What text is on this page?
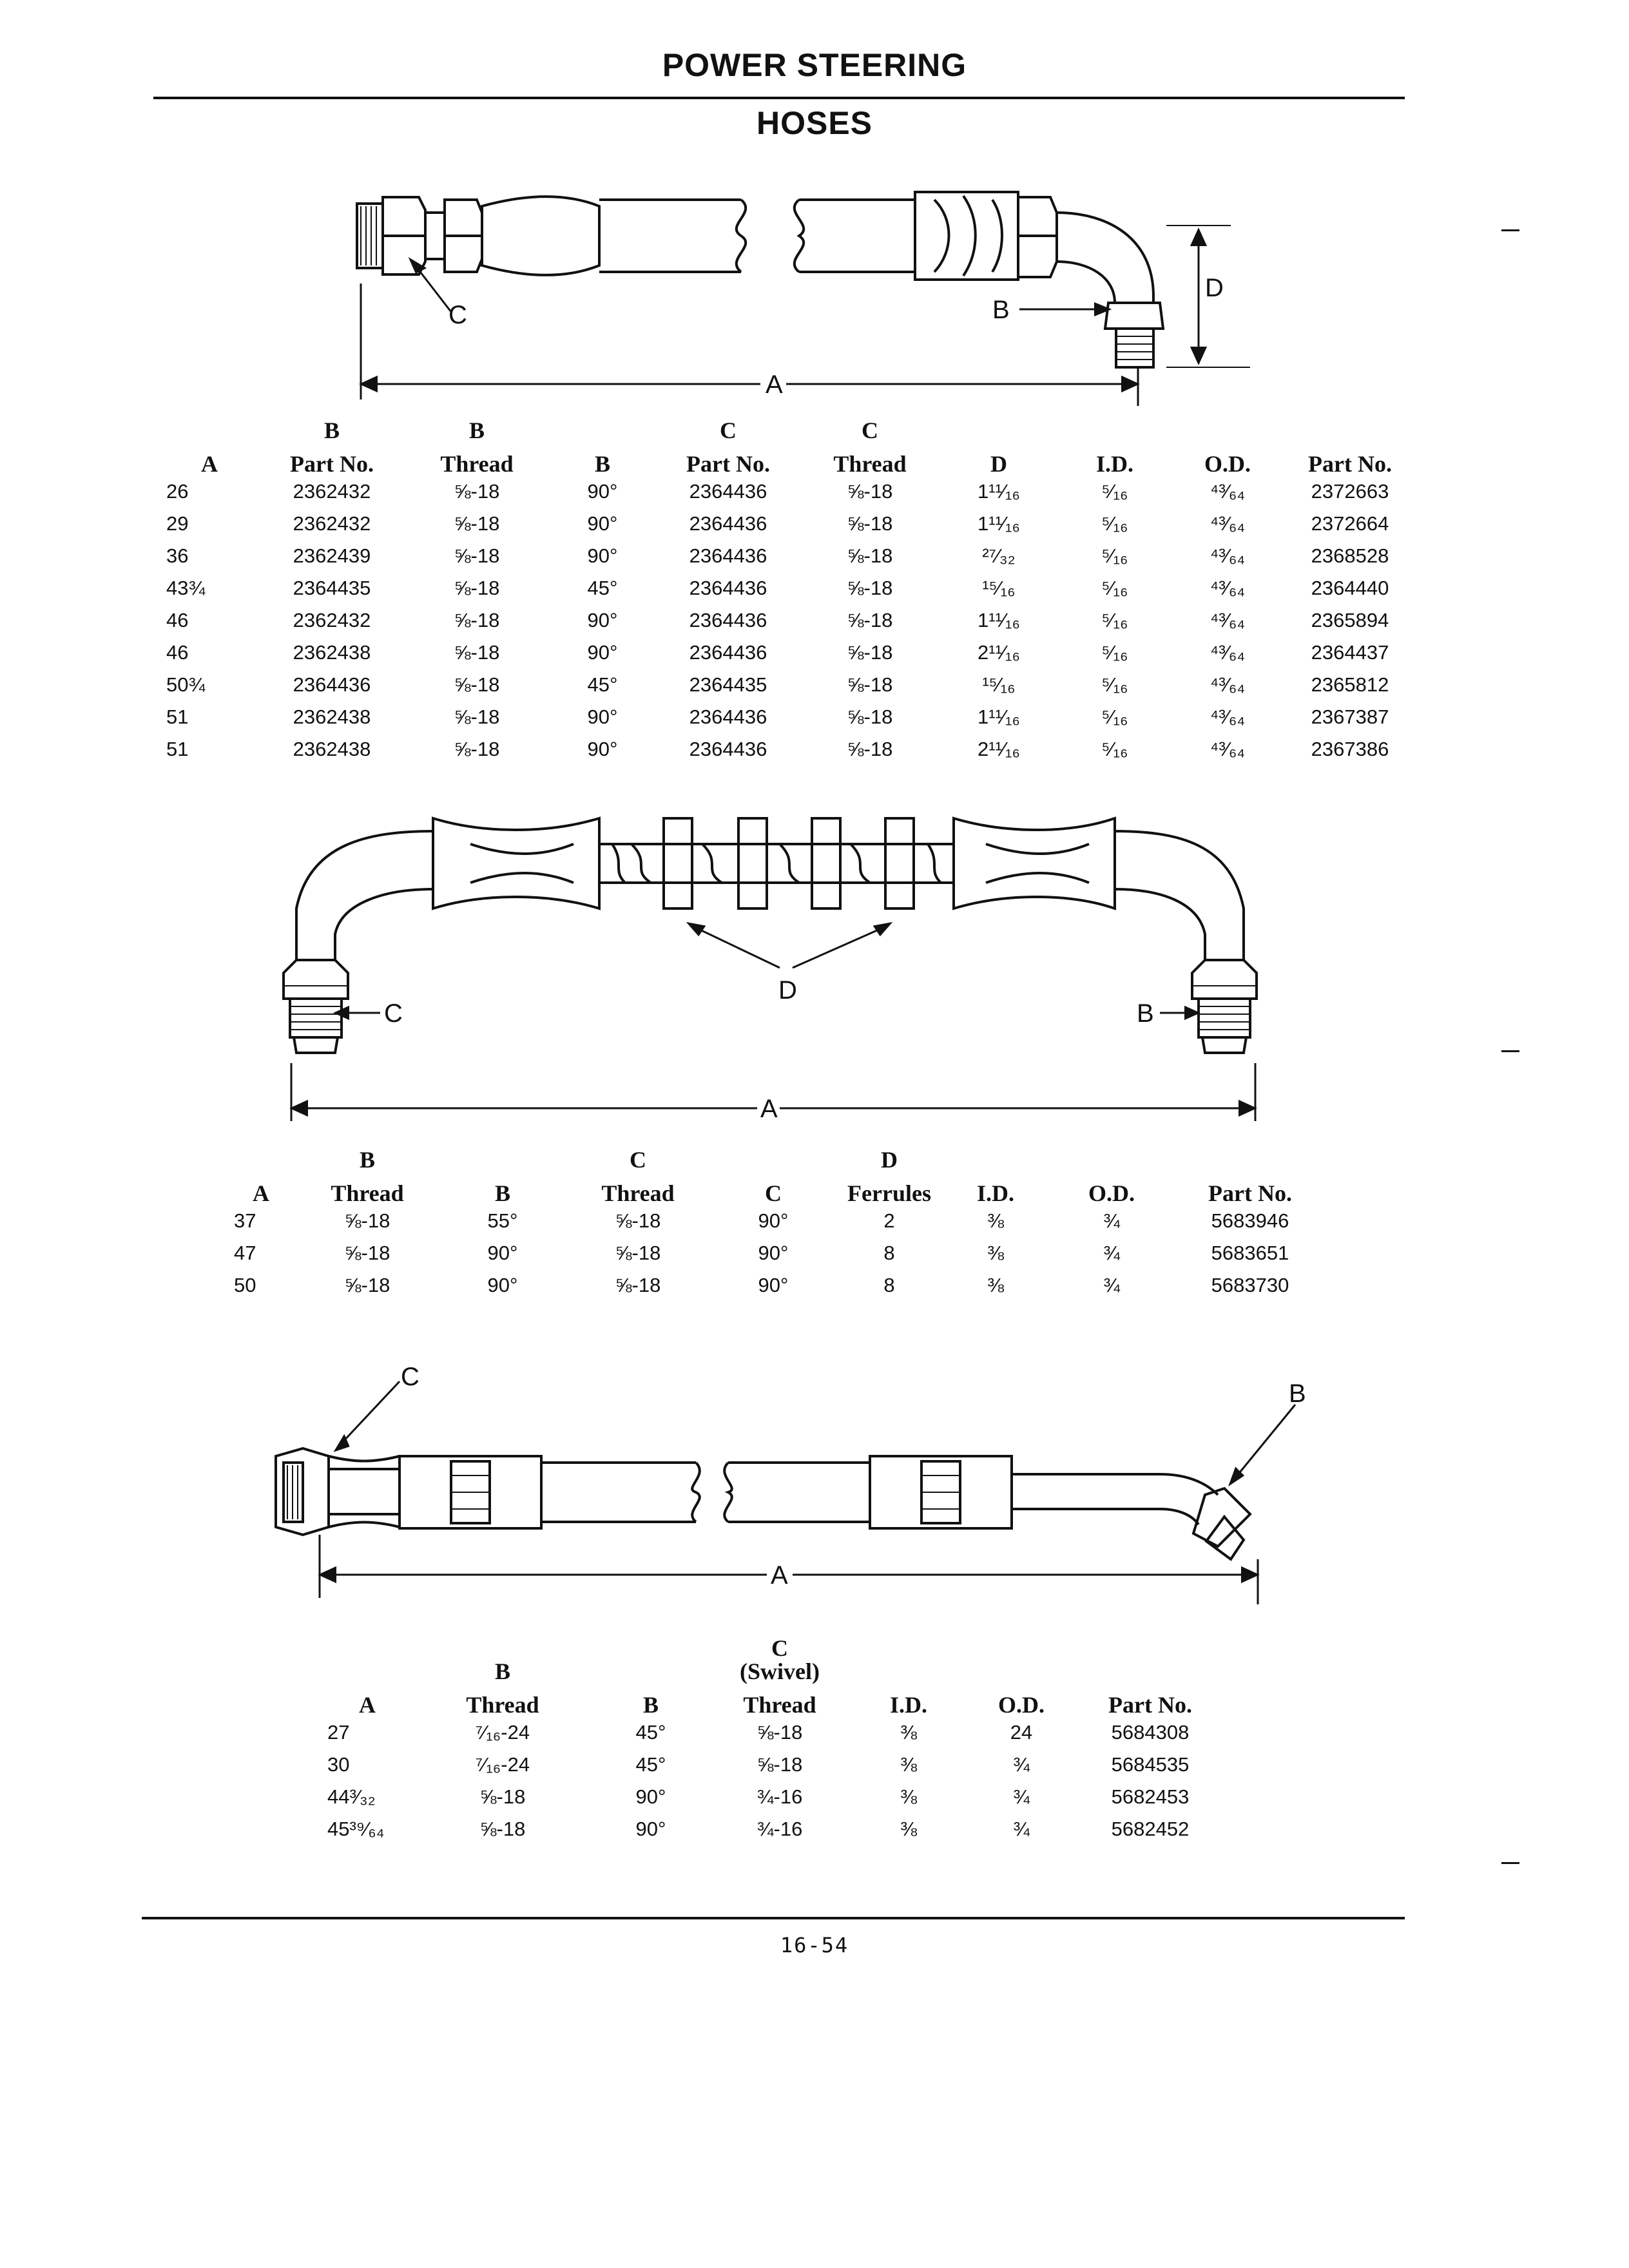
POWER STEERING
HOSES
C	B
D
A
	B	B		C	C				
A	Part No.	Thread	B	Part No.	Thread	D	I.D.	O.D.	Part No.
26	2362432	⅝-18	90°	2364436	⅝-18	1¹¹⁄₁₆	⁵⁄₁₆	⁴³⁄₆₄	2372663
29	2362432	⅝-18	90°	2364436	⅝-18	1¹¹⁄₁₆	⁵⁄₁₆	⁴³⁄₆₄	2372664
36	2362439	⅝-18	90°	2364436	⅝-18	²⁷⁄₃₂	⁵⁄₁₆	⁴³⁄₆₄	2368528
43¾	2364435	⅝-18	45°	2364436	⅝-18	¹⁵⁄₁₆	⁵⁄₁₆	⁴³⁄₆₄	2364440
46	2362432	⅝-18	90°	2364436	⅝-18	1¹¹⁄₁₆	⁵⁄₁₆	⁴³⁄₆₄	2365894
46	2362438	⅝-18	90°	2364436	⅝-18	2¹¹⁄₁₆	⁵⁄₁₆	⁴³⁄₆₄	2364437
50¾	2364436	⅝-18	45°	2364435	⅝-18	¹⁵⁄₁₆	⁵⁄₁₆	⁴³⁄₆₄	2365812
51	2362438	⅝-18	90°	2364436	⅝-18	1¹¹⁄₁₆	⁵⁄₁₆	⁴³⁄₆₄	2367387
51	2362438	⅝-18	90°	2364436	⅝-18	2¹¹⁄₁₆	⁵⁄₁₆	⁴³⁄₆₄	2367386
C	B
D
A
	B		C		D			
A	Thread	B	Thread	C	Ferrules	I.D.	O.D.	Part No.
37	⅝-18	55°	⅝-18	90°	2	⅜	¾	5683946
47	⅝-18	90°	⅝-18	90°	8	⅜	¾	5683651
50	⅝-18	90°	⅝-18	90°	8	⅜	¾	5683730
C
B
A
			C			
	B		(Swivel)			
A	Thread	B	Thread	I.D.	O.D.	Part No.
27	⁷⁄₁₆-24	45°	⅝-18	⅜	24	5684308
30	⁷⁄₁₆-24	45°	⅝-18	⅜	¾	5684535
44³⁄₃₂	⅝-18	90°	¾-16	⅜	¾	5682453
45³⁹⁄₆₄	⅝-18	90°	¾-16	⅜	¾	5682452
16-54
